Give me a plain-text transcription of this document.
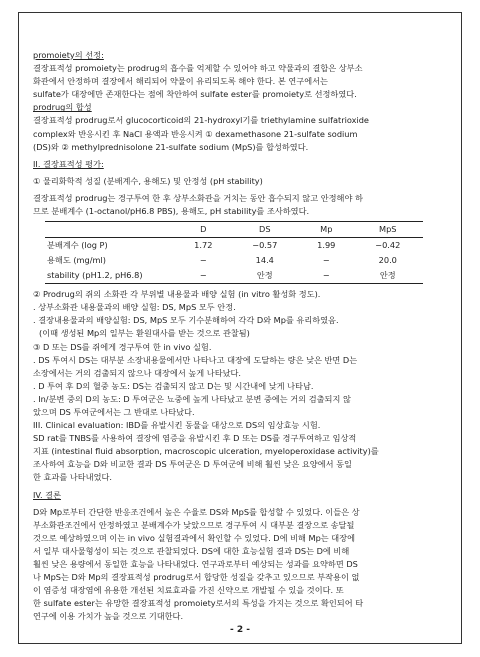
promoiety의 선정:
결장표적성 promoiety는 prodrug의 흡수를 억제할 수 있어야 하고 약물과의 결합은 상부소
화관에서 안정하며 결장에서 해리되어 약물이 유리되도록 해야 한다. 본 연구에서는
sulfate가 대장에만 존재한다는 점에 착안하여 sulfate ester를 promoiety로 선정하였다.
prodrug의 합성
결장표적성 prodrug로서 glucocorticoid의 21-hydroxyl기를 triethylamine sulfatrioxide
complex와 반응시킨 후 NaCl 용액과 반응시켜 ① dexamethasone 21-sulfate sodium
(DS)와 ② methylprednisolone 21-sulfate sodium (MpS)를 합성하였다.
II. 결장표적성 평가:
① 물리화학적 성질 (분배계수, 용해도) 및 안정성 (pH stability)
결장표적성 prodrug는 경구투여 한 후 상부소화관을 거치는 동안 흡수되지 않고 안정해야 하
므로 분배계수 (1-octanol/pH6.8 PBS), 용해도, pH stability를 조사하였다.
	D	DS	Mp	MpS
분배계수 (log P)	1.72	−0.57	1.99	−0.42
용해도 (mg/ml)	−	14.4	−	20.0
stability (pH1.2, pH6.8)	−	안정	−	안정
② Prodrug의 쥐의 소화관 각 부위별 내용물과 배양 실험 (in vitro 활성화 정도).
. 상부소화관 내용물과의 배양 실험: DS, MpS 모두 안정.
. 결장내용물과의 배양실험: DS, MpS 모두 기수분해하여 각각 D와 Mp를 유리하였음.
(이때 생성된 Mp의 일부는 환원대사를 받는 것으로 관찰됨)
③ D 또는 DS를 쥐에게 경구투여 한 in vivo 실험.
. DS 투여시 DS는 대부분 소장내용물에서만 나타나고 대장에 도달하는 량은 낮은 반면 D는
소장에서는 거의 검출되지 않으나 대장에서 높게 나타났다.
. D 투여 후 D의 혈중 농도: DS는 검출되지 않고 D는 및 시간내에 낮게 나타남.
. In/분변 중의 D의 농도: D 투여군은 뇨중에 높게 나타났고 분변 중에는 거의 검출되지 않
았으며 DS 투여군에서는 그 반대로 나타났다.
III. Clinical evaluation: IBD를 유발시킨 동물을 대상으로 DS의 임상효능 시험.
SD rat를 TNBS를 사용하여 결장에 염증을 유발시킨 후 D 또는 DS를 경구투여하고 임상적
지표 (intestinal fluid absorption, macroscopic ulceration, myeloperoxidase activity)를
조사하여 효능을 D와 비교한 결과 DS 투여군은 D 투여군에 비해 훨씬 낮은 요양에서 동일
한 효과를 나타내었다.
IV. 결론
D와 Mp로부터 간단한 반응조건에서 높은 수율로 DS와 MpS를 합성할 수 있었다. 이들은 상
부소화관조건에서 안정하였고 분배계수가 낮았으므로 경구투여 시 대부분 결장으로 송달될
것으로 예상하였으며 이는 in vivo 실험결과에서 확인할 수 있었다. D에 비해 Mp는 대장에
서 일부 대사물형성이 되는 것으로 관찰되었다. DS에 대한 효능실험 결과 DS는 D에 비해
훨씬 낮은 용량에서 동일한 효능을 나타내었다. 연구과로부터 예상되는 성과를 요약하면 DS
나 MpS는 D와 Mp의 결장표적성 prodrug로서 합당한 성질을 갖추고 있으므로 부작용이 없
이 염증성 대장염에 유용한 개선된 치료효과를 가진 신약으로 개발될 수 있을 것이다. 또
한 sulfate ester는 유망한 결장표적성 promoiety로서의 특성을 가지는 것으로 확인되어 타
연구에 이용 가치가 높을 것으로 기대한다.
- 2 -
